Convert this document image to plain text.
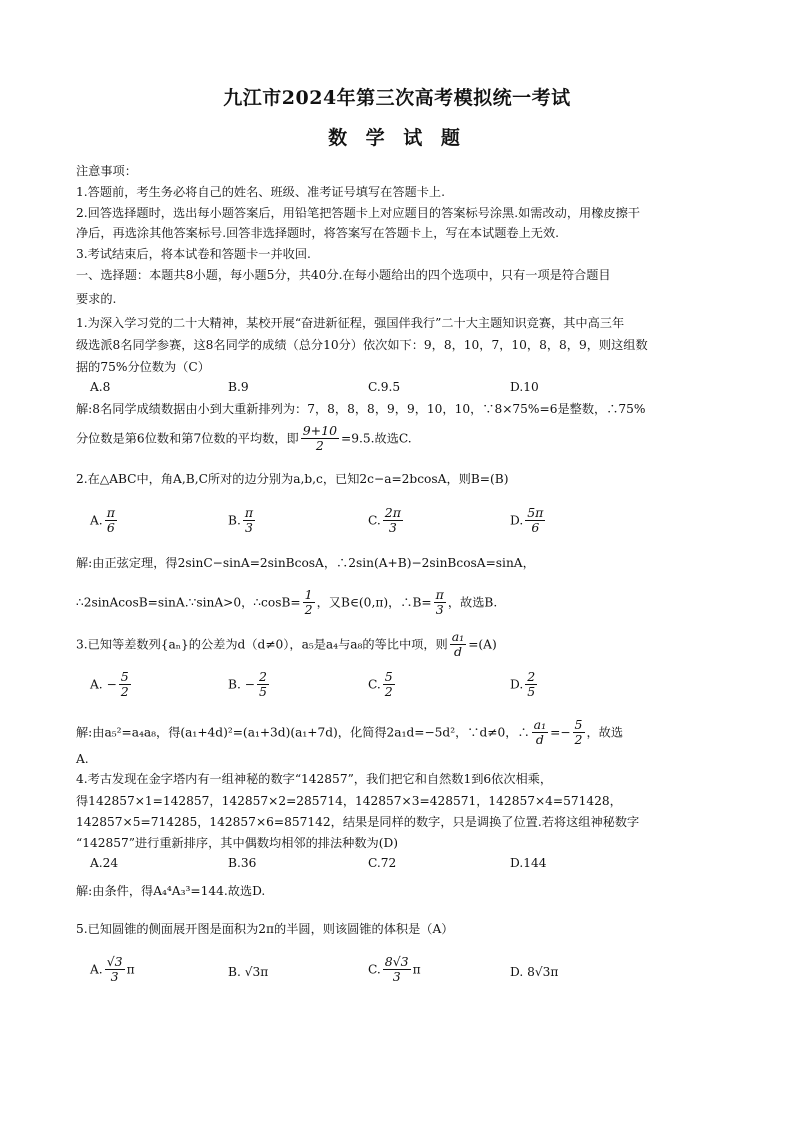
九江市2024年第三次高考模拟统一考试
数 学 试 题
注意事项：
1.答题前，考生务必将自己的姓名、班级、准考证号填写在答题卡上.
2.回答选择题时，选出每小题答案后，用铅笔把答题卡上对应题目的答案标号涂黑.如需改动，用橡皮擦干
净后，再选涂其他答案标号.回答非选择题时，将答案写在答题卡上，写在本试题卷上无效.
3.考试结束后，将本试卷和答题卡一并收回.
一、选择题：本题共8小题，每小题5分，共40分.在每小题给出的四个选项中，只有一项是符合题目
要求的.
1.为深入学习党的二十大精神，某校开展“奋进新征程，强国伴我行”二十大主题知识竞赛，其中高三年
级选派8名同学参赛，这8名同学的成绩（总分10分）依次如下：9，8，10，7，10，8，8，9，则这组数
据的75%分位数为（C）
A.8	B.9	C.9.5	D.10
解:8名同学成绩数据由小到大重新排列为：7，8，8，8，9，9，10，10，∵8×75%=6是整数，∴75%
分位数是第6位数和第7位数的平均数，即 $\frac{9+10}{2} =9.5$.故选C.
2.在△ABC中，角A,B,C所对的边分别为a,b,c，已知2c−a=2bcosA，则B=(B)
A. $\frac{\pi}{6}$	B. $\frac{\pi}{3}$	C. $\frac{2\pi}{3}$	D. $\frac{5\pi}{6}$
解:由正弦定理，得2sinC−sinA=2sinBcosA，∴2sin(A+B)−2sinBcosA=sinA，
∴2sinAcosB=sinA.∵sinA>0，∴cosB= $\frac{1}{2}$ ，又B∈(0,π)，∴B= $\frac{\pi}{3}$ ，故选B.
3.已知等差数列{aₙ}的公差为d（d≠0），a₅是a₄与a₈的等比中项，则 $\frac{\text{a₁}}{d} =(A)$
A. − $\frac{5}{2}$	B. − $\frac{2}{5}$	C. $\frac{5}{2}$	D. $\frac{2}{5}$
解:由a₅²=a₄a₈，得(a₁+4d)²=(a₁+3d)(a₁+7d)，化简得2a₁d=−5d²，∵d≠0，∴ $\frac{\text{a₁}}{d} =- \frac{5}{2}$ ，故选
A.
4.考古发现在金字塔内有一组神秘的数字“142857”，我们把它和自然数1到6依次相乘，
得142857×1=142857，142857×2=285714，142857×3=428571，142857×4=571428，
142857×5=714285，142857×6=857142，结果是同样的数字，只是调换了位置.若将这组神秘数字
“142857”进行重新排序，其中偶数均相邻的排法种数为(D)
A.24	B.36	C.72	D.144
解:由条件，得A₄⁴A₃³=144.故选D.
5.已知圆锥的侧面展开图是面积为2π的半圆，则该圆锥的体积是（A）
A. $\frac{√3}{3}$ π	B. √3π	C. $\frac{8√3}{3}$ π	D. 8√3π
